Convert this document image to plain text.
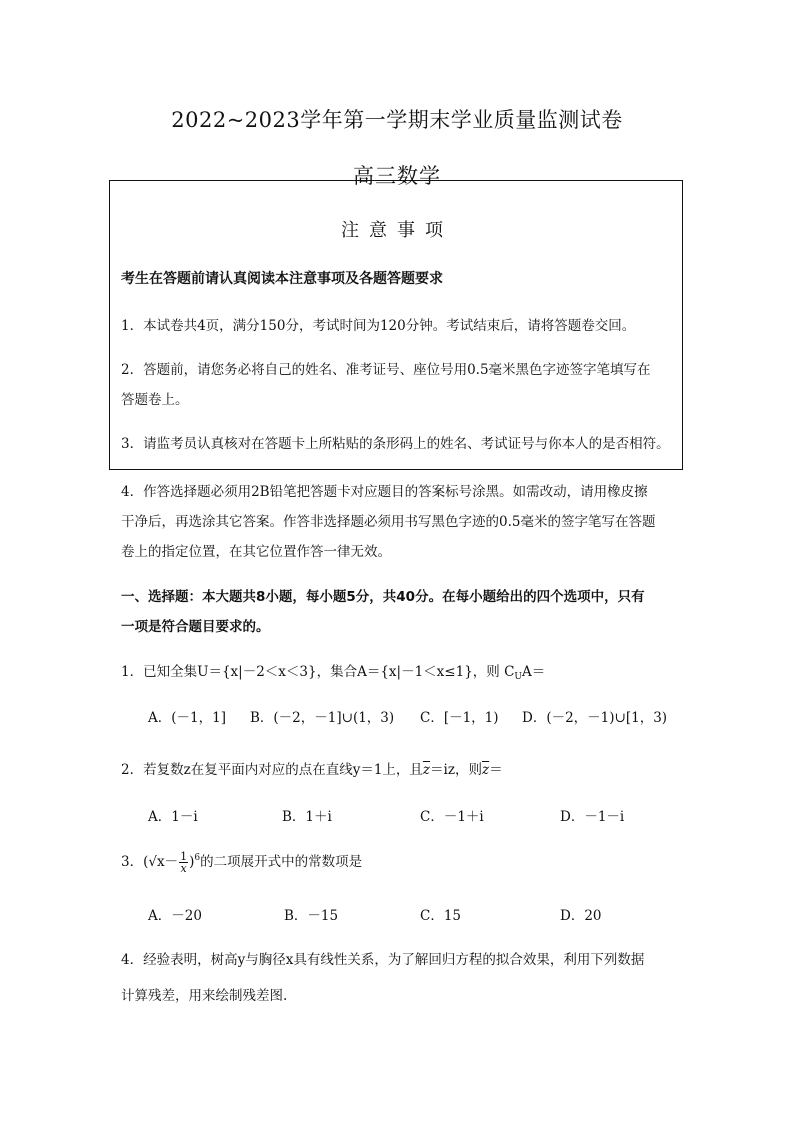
2022~2023学年第一学期末学业质量监测试卷
高三数学
注意事项
考生在答题前请认真阅读本注意事项及各题答题要求
1．本试卷共4页，满分150分，考试时间为120分钟。考试结束后，请将答题卷交回。
2．答题前，请您务必将自己的姓名、准考证号、座位号用0.5毫米黑色字迹签字笔填写在
答题卷上。
3．请监考员认真核对在答题卡上所粘贴的条形码上的姓名、考试证号与你本人的是否相符。
4．作答选择题必须用2B铅笔把答题卡对应题目的答案标号涂黑。如需改动，请用橡皮擦
干净后，再选涂其它答案。作答非选择题必须用书写黑色字迹的0.5毫米的签字笔写在答题
卷上的指定位置，在其它位置作答一律无效。
一、选择题：本大题共8小题，每小题5分，共40分。在每小题给出的四个选项中，只有
一项是符合题目要求的。
1．已知全集U＝{x|－2＜x＜3}，集合A＝{x|－1＜x≤1}，则 $C_UA=$
A．(－1，1] B．(－2，－1]∪(1，3) C．[－1，1) D．(－2，－1)∪[1，3)
2．若复数z在复平面内对应的点在直线y＝1上，且$\overline{z}=iz$，则$\overline{z}=$
A．1－i	B．1＋i	C．－1＋i	D．－1－i
3．$(√x- \frac{1}{x} )^6$的二项展开式中的常数项是
A．－20	B．－15	C．15	D．20
4．经验表明，树高y与胸径x具有线性关系，为了解回归方程的拟合效果，利用下列数据
计算残差，用来绘制残差图.
